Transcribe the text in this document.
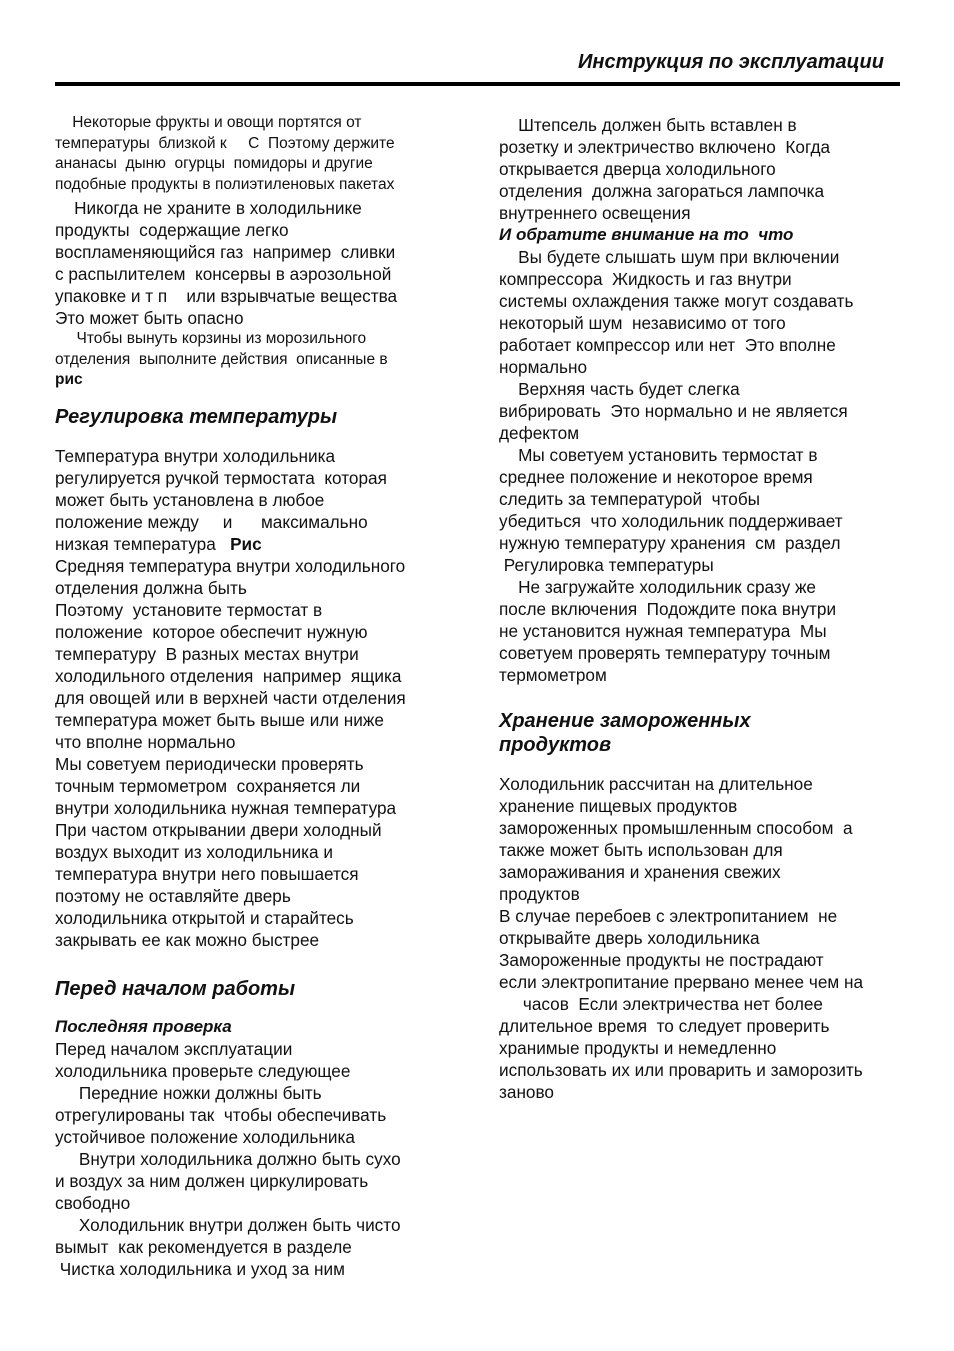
Инструкция по эксплуатации
Некоторые фрукты и овощи портятся от
температуры  близкой к     С  Поэтому держите
ананасы  дыню  огурцы  помидоры и другие
подобные продукты в полиэтиленовых пакетах
Никогда не храните в холодильнике
продукты  содержащие легко
воспламеняющийся газ  например  сливки
с распылителем  консервы в аэрозольной
упаковке и т п    или взрывчатые вещества
Это может быть опасно
Чтобы вынуть корзины из морозильного
отделения  выполните действия  описанные в
рис
Регулировка температуры
Температура внутри холодильника
регулируется ручкой термостата  которая
может быть установлена в любое
положение между     и      максимально
низкая температура   Рис
Средняя температура внутри холодильного
отделения должна быть
Поэтому  установите термостат в
положение  которое обеспечит нужную
температуру  В разных местах внутри
холодильного отделения  например  ящика
для овощей или в верхней части отделения
температура может быть выше или ниже
что вполне нормально
Мы советуем периодически проверять
точным термометром  сохраняется ли
внутри холодильника нужная температура
При частом открывании двери холодный
воздух выходит из холодильника и
температура внутри него повышается
поэтому не оставляйте дверь
холодильника открытой и старайтесь
закрывать ее как можно быстрее
Перед началом работы
Последняя проверка
Перед началом эксплуатации
холодильника проверьте следующее
Передние ножки должны быть
отрегулированы так  чтобы обеспечивать
устойчивое положение холодильника
Внутри холодильника должно быть сухо
и воздух за ним должен циркулировать
свободно
Холодильник внутри должен быть чисто
вымыт  как рекомендуется в разделе
Чистка холодильника и уход за ним
Штепсель должен быть вставлен в
розетку и электричество включено  Когда
открывается дверца холодильного
отделения  должна загораться лампочка
внутреннего освещения
И обратите внимание на то  что
Вы будете слышать шум при включении
компрессора  Жидкость и газ внутри
системы охлаждения также могут создавать
некоторый шум  независимо от того
работает компрессор или нет  Это вполне
нормально
Верхняя часть будет слегка
вибрировать  Это нормально и не является
дефектом
Мы советуем установить термостат в
среднее положение и некоторое время
следить за температурой  чтобы
убедиться  что холодильник поддерживает
нужную температуру хранения  см  раздел
Регулировка температуры
Не загружайте холодильник сразу же
после включения  Подождите пока внутри
не установится нужная температура  Мы
советуем проверять температуру точным
термометром
Хранение замороженных
продуктов
Холодильник рассчитан на длительное
хранение пищевых продуктов
замороженных промышленным способом  а
также может быть использован для
замораживания и хранения свежих
продуктов
В случае перебоев с электропитанием  не
открывайте дверь холодильника
Замороженные продукты не пострадают
если электропитание прервано менее чем на
часов  Если электричества нет более
длительное время  то следует проверить
хранимые продукты и немедленно
использовать их или проварить и заморозить
заново
